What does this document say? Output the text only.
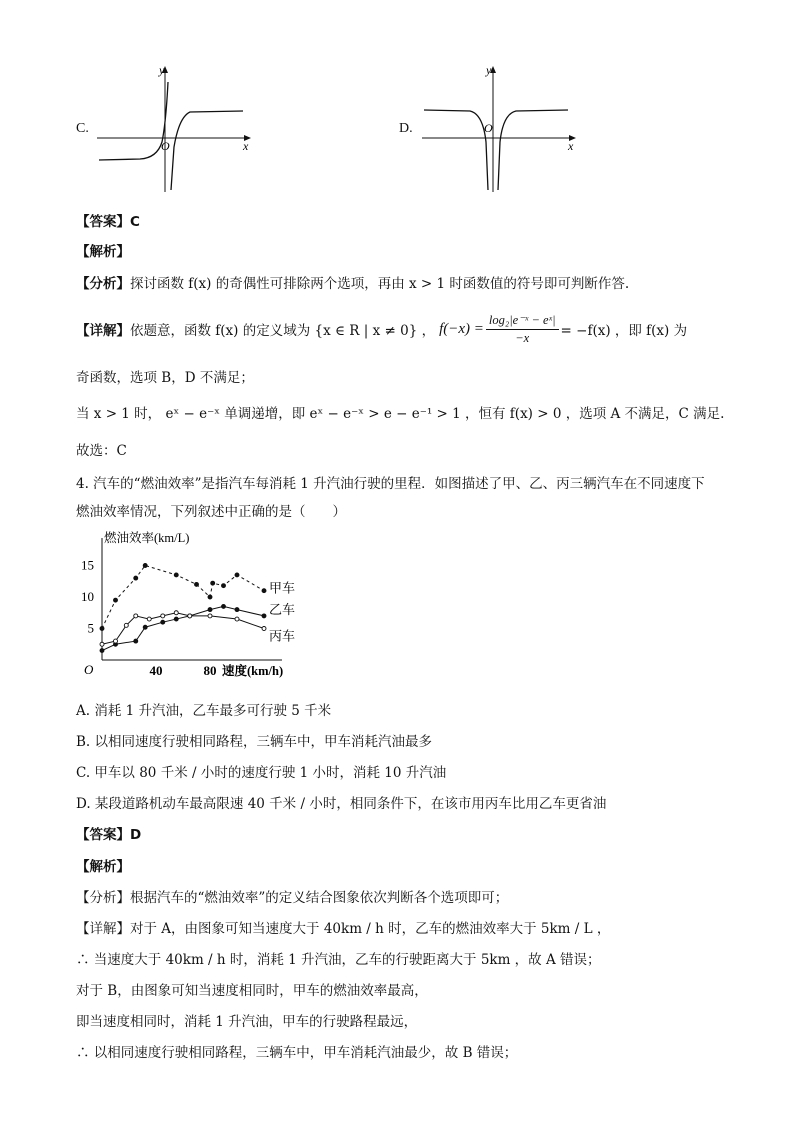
C.
y
x
O
D.
y
x
O
【答案】C
【解析】
【分析】探讨函数 f(x) 的奇偶性可排除两个选项，再由 x > 1 时函数值的符号即可判断作答.
【详解】 依题意，函数 f(x) 的定义域为 {x ∈ R | x ≠ 0} ， $f(-x) = \frac{\text{log₂|e⁻ˣ − eˣ|}}{-x} = -f(x)$ ，即 f(x) 为
奇函数，选项 B，D 不满足；
当 x > 1 时， eˣ − e⁻ˣ 单调递增，即 eˣ − e⁻ˣ > e − e⁻¹ > 1 ，恒有 f(x) > 0 ，选项 A 不满足，C 满足.
故选：C
4. 汽车的“燃油效率”是指汽车每消耗 1 升汽油行驶的里程．如图描述了甲、乙、丙三辆汽车在不同速度下
燃油效率情况，下列叙述中正确的是（　　）
O
燃油效率(km/L)
5
10
15
40	80 速度(km/h)
甲车
乙车
丙车
A. 消耗 1 升汽油，乙车最多可行驶 5 千米
B. 以相同速度行驶相同路程，三辆车中，甲车消耗汽油最多
C. 甲车以 80 千米 / 小时的速度行驶 1 小时，消耗 10 升汽油
D. 某段道路机动车最高限速 40 千米 / 小时，相同条件下，在该市用丙车比用乙车更省油
【答案】D
【解析】
【分析】根据汽车的“燃油效率”的定义结合图象依次判断各个选项即可；
【详解】对于 A，由图象可知当速度大于 40km / h 时，乙车的燃油效率大于 5km / L ，
∴ 当速度大于 40km / h 时，消耗 1 升汽油，乙车的行驶距离大于 5km ，故 A 错误；
对于 B，由图象可知当速度相同时，甲车的燃油效率最高，
即当速度相同时，消耗 1 升汽油，甲车的行驶路程最远，
∴ 以相同速度行驶相同路程，三辆车中，甲车消耗汽油最少，故 B 错误；
